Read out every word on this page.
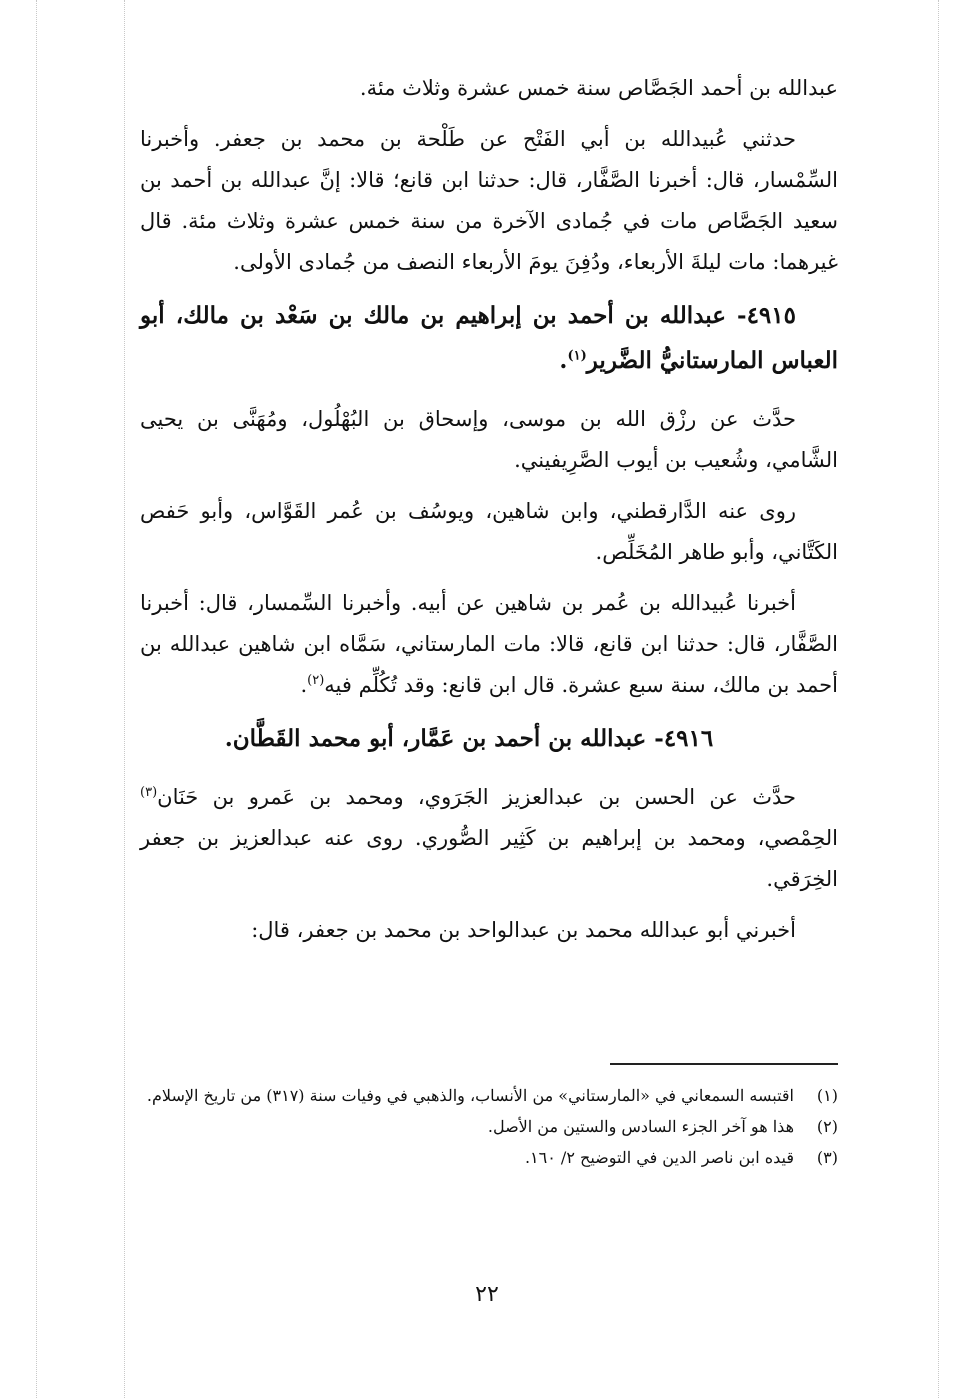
عبدالله بن أحمد الجَصَّاص سنة خمس عشرة وثلاث مئة.

حدثني عُبيدالله بن أبي الفَتْح عن طَلْحة بن محمد بن جعفر. وأخبرنا السِّمْسار، قال: أخبرنا الصَّفَّار، قال: حدثنا ابن قانع؛ قالا: إنَّ عبدالله بن أحمد بن سعيد الجَصَّاص مات في جُمادى الآخرة من سنة خمس عشرة وثلاث مئة. قال غيرهما: مات ليلةَ الأربعاء، ودُفِنَ يومَ الأربعاء النصف من جُمادى الأولى.

٤٩١٥- عبدالله بن أحمد بن إبراهيم بن مالك بن سَعْد بن مالك، أبو العباس المارستانيُّ الضَّرير$^{(١)}$.

حدَّث عن رزْق الله بن موسى، وإسحاق بن البُهْلُول، ومُهَنَّى بن يحيى الشَّامي، وشُعيب بن أيوب الصَّرِيفيني.

روى عنه الدَّارقطني، وابن شاهين، ويوسُف بن عُمر القَوَّاس، وأبو حَفص الكَتَّاني، وأبو طاهر المُخَلِّص.

أخبرنا عُبيدالله بن عُمر بن شاهين عن أبيه. وأخبرنا السِّمسار، قال: أخبرنا الصَّفَّار، قال: حدثنا ابن قانع، قالا: مات المارستاني، سَمَّاه ابن شاهين عبدالله بن أحمد بن مالك، سنة سبع عشرة. قال ابن قانع: وقد تُكُلِّم فيه$^{(٢)}$.

٤٩١٦- عبدالله بن أحمد بن عَمَّار، أبو محمد القَطَّان.

حدَّث عن الحسن بن عبدالعزيز الجَرَوي، ومحمد بن عَمرو بن حَنَان$^{(٣)}$ الحِمْصي، ومحمد بن إبراهيم بن كَثِير الصُّوري. روى عنه عبدالعزيز بن جعفر الخِرَقي.

أخبرني أبو عبدالله محمد بن عبدالواحد بن محمد بن جعفر، قال:

(١)
اقتبسه السمعاني في «المارستاني» من الأنساب، والذهبي في وفيات سنة (٣١٧) من تاريخ الإسلام.
(٢)
هذا هو آخر الجزء السادس والستين من الأصل.
(٣)
قيده ابن ناصر الدين في التوضيح ٢/ ١٦٠.
٢٢
